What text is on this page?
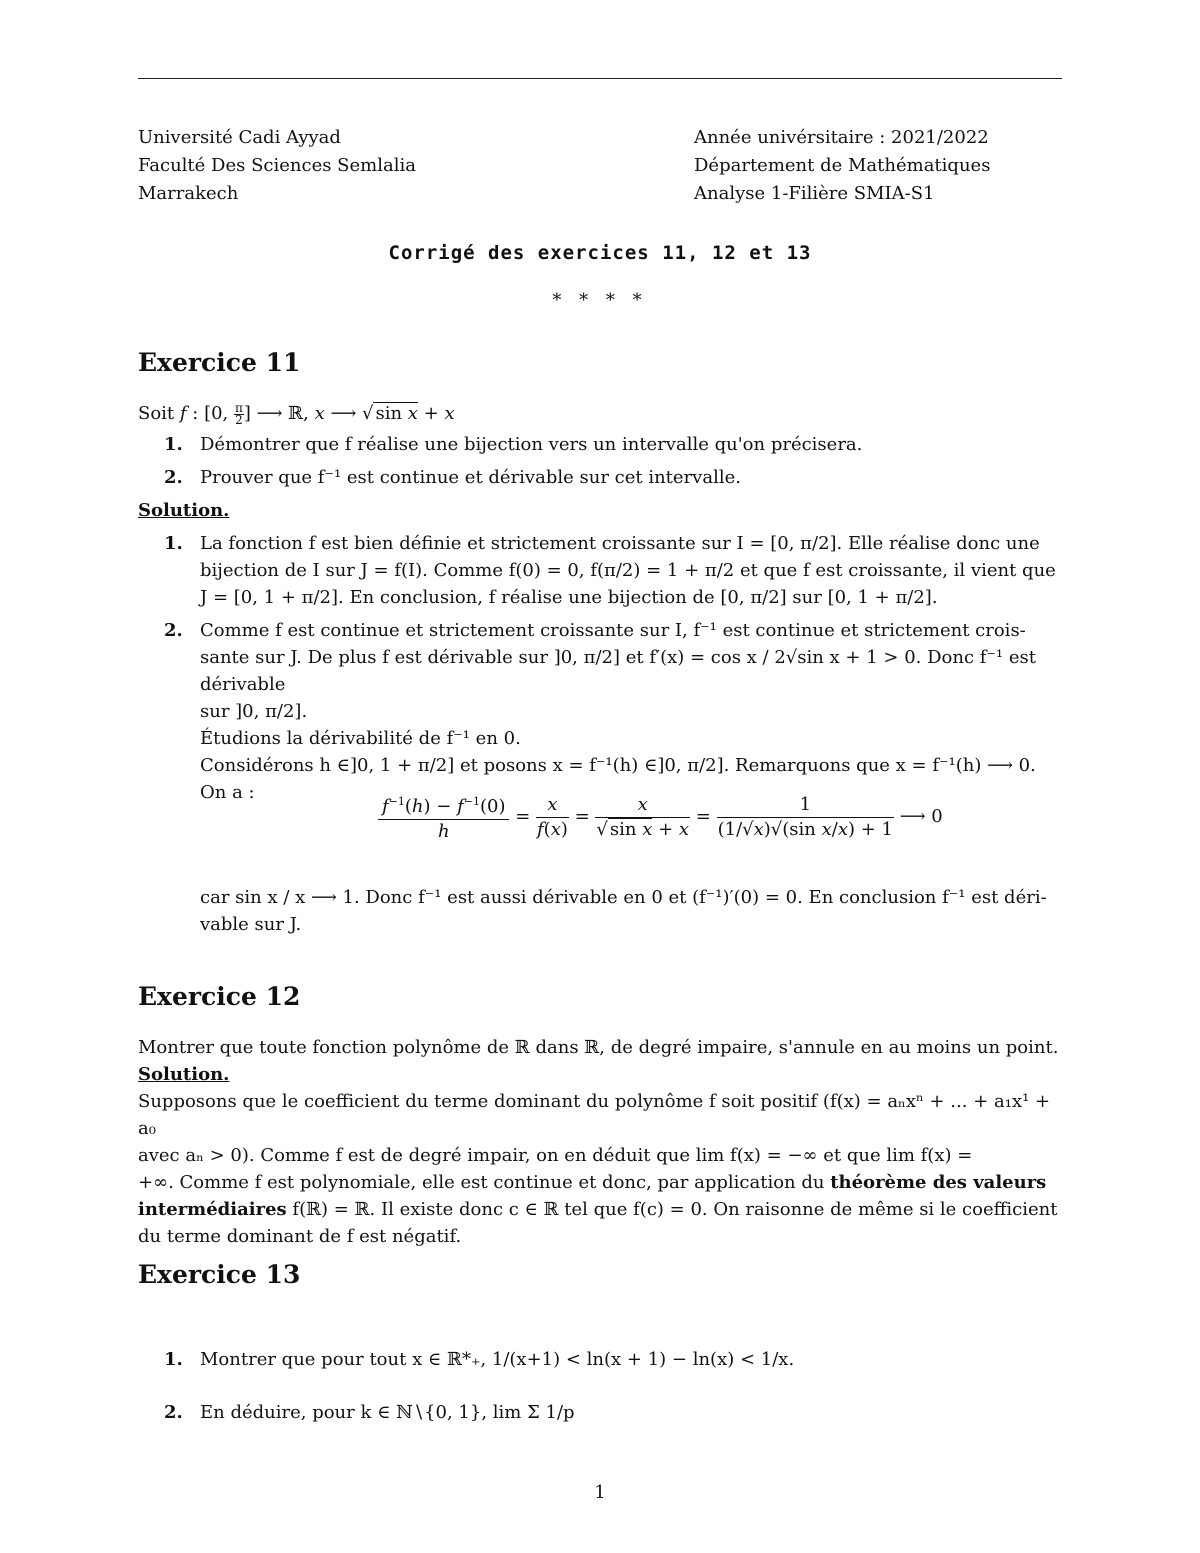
Université Cadi Ayyad
Faculté Des Sciences Semlalia
Marrakech
Année univérsitaire : 2021/2022
Département de Mathématiques
Analyse 1-Filière SMIA-S1
Corrigé des exercices 11, 12 et 13
* * * *
Exercice 11
Soit f : [0, $\frac{\pi}{2}$ ] ⟶ ℝ, x ⟶ √ sin x + x
1. Démontrer que f réalise une bijection vers un intervalle qu'on précisera.
2. Prouver que f⁻¹ est continue et dérivable sur cet intervalle.
Solution.
1. La fonction f est bien définie et strictement croissante sur I = [0, π/2]. Elle réalise donc une
bijection de I sur J = f(I). Comme f(0) = 0, f(π/2) = 1 + π/2 et que f est croissante, il vient que
J = [0, 1 + π/2]. En conclusion, f réalise une bijection de [0, π/2] sur [0, 1 + π/2].
2. Comme f est continue et strictement croissante sur I, f⁻¹ est continue et strictement crois-
sante sur J. De plus f est dérivable sur ]0, π/2] et f′(x) = cos x / 2√sin x + 1 > 0. Donc f⁻¹ est dérivable
sur ]0, π/2].
Étudions la dérivabilité de f⁻¹ en 0.
Considérons h ∈]0, 1 + π/2] et posons x = f⁻¹(h) ∈]0, π/2]. Remarquons que x = f⁻¹(h) ⟶ 0. On a :	$\frac{f^{-1}(h) - f^{-1}(0)}{h} = \frac{x}{f(x)} = \frac{x}{\text{√ sin x + x}} = \frac{1}{\text{(1/√x)√(sin x/x) + 1}}$ ⟶ 0
car sin x / x ⟶ 1. Donc f⁻¹ est aussi dérivable en 0 et (f⁻¹)′(0) = 0. En conclusion f⁻¹ est déri-
vable sur J.
Exercice 12
Montrer que toute fonction polynôme de ℝ dans ℝ, de degré impaire, s'annule en au moins un point.
Solution.
Supposons que le coefficient du terme dominant du polynôme f soit positif (f(x) = aₙxⁿ + ... + a₁x¹ + a₀
avec aₙ > 0). Comme f est de degré impair, on en déduit que lim f(x) = −∞ et que lim f(x) =
+∞. Comme f est polynomiale, elle est continue et donc, par application du théorème des valeurs
intermédiaires f(ℝ) = ℝ. Il existe donc c ∈ ℝ tel que f(c) = 0. On raisonne de même si le coefficient
du terme dominant de f est négatif.
Exercice 13
1. Montrer que pour tout x ∈ ℝ*₊, 1/(x+1) < ln(x + 1) − ln(x) < 1/x.
2. En déduire, pour k ∈ ℕ∖{0, 1}, lim Σ 1/p
1
